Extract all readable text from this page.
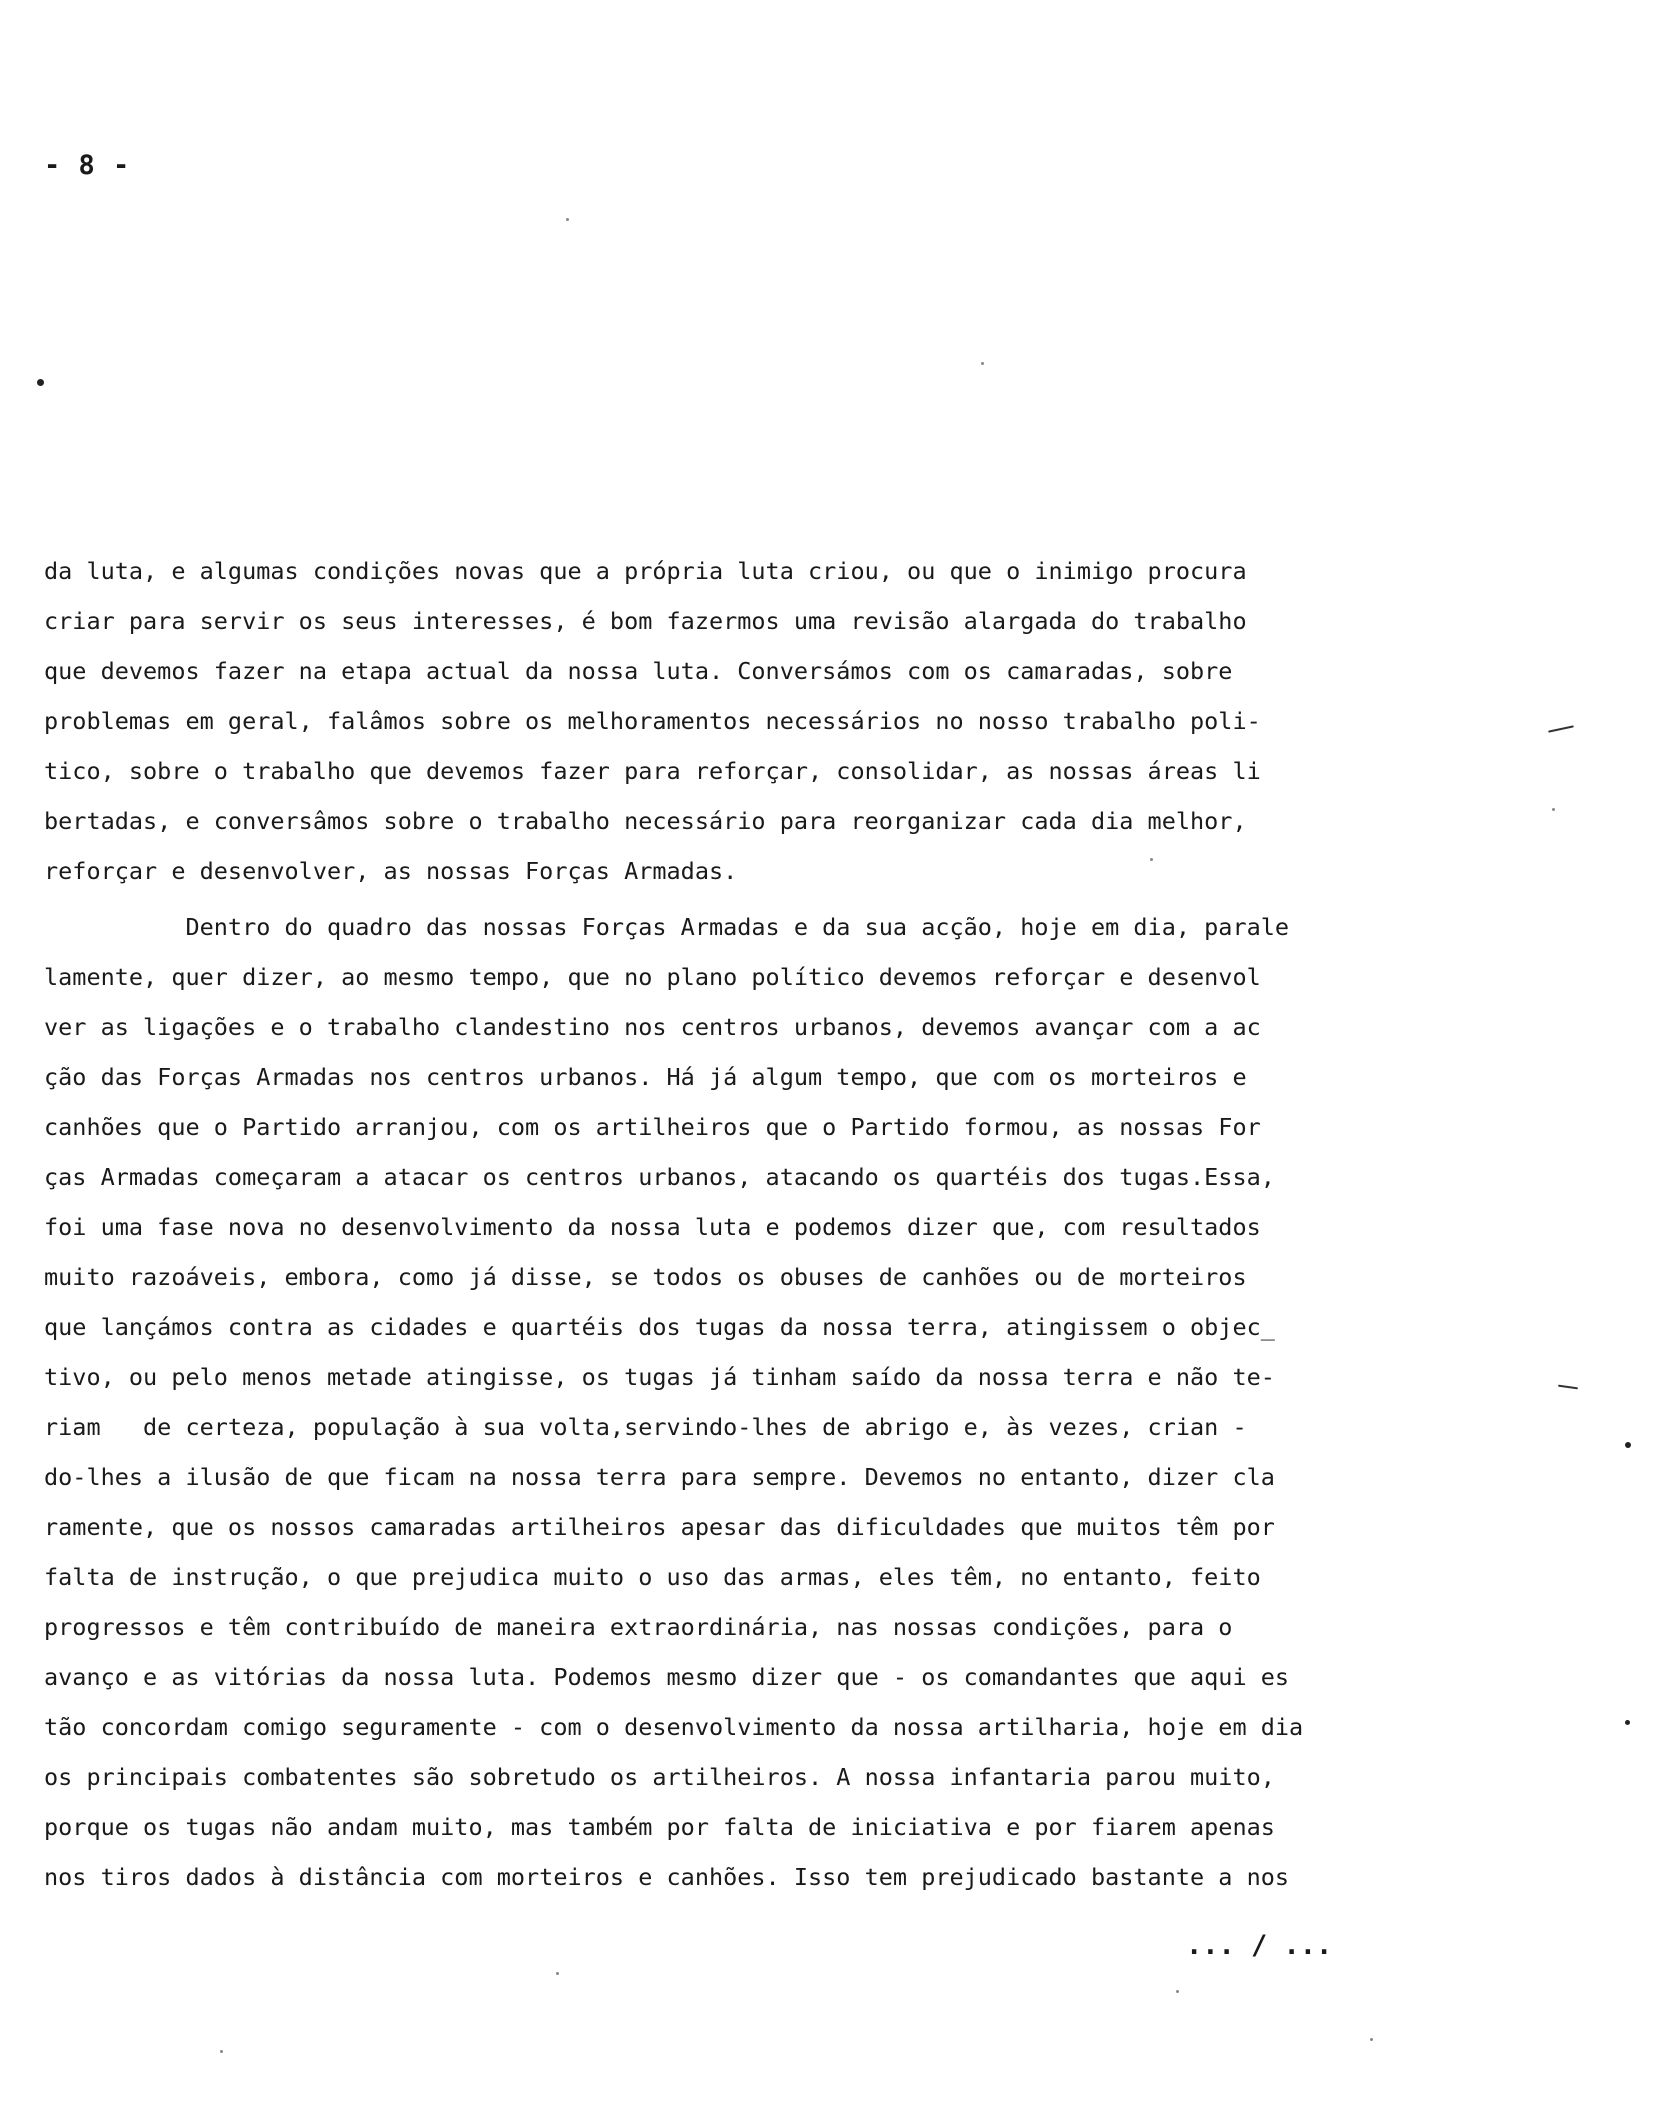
- 8 -

da luta, e algumas condições novas que a própria luta criou, ou que o inimigo procura
criar para servir os seus interesses, é bom fazermos uma revisão alargada do trabalho
que devemos fazer na etapa actual da nossa luta. Conversámos com os camaradas, sobre
problemas em geral, falâmos sobre os melhoramentos necessários no nosso trabalho poli-
tico, sobre o trabalho que devemos fazer para reforçar, consolidar, as nossas áreas li
bertadas, e conversâmos sobre o trabalho necessário para reorganizar cada dia melhor,
reforçar e desenvolver, as nossas Forças Armadas.

Dentro do quadro das nossas Forças Armadas e da sua acção, hoje em dia, parale
lamente, quer dizer, ao mesmo tempo, que no plano político devemos reforçar e desenvol
ver as ligações e o trabalho clandestino nos centros urbanos, devemos avançar com a ac
ção das Forças Armadas nos centros urbanos. Há já algum tempo, que com os morteiros e
canhões que o Partido arranjou, com os artilheiros que o Partido formou, as nossas For
ças Armadas começaram a atacar os centros urbanos, atacando os quartéis dos tugas.Essa,
foi uma fase nova no desenvolvimento da nossa luta e podemos dizer que, com resultados
muito razoáveis, embora, como já disse, se todos os obuses de canhões ou de morteiros
que lançámos contra as cidades e quartéis dos tugas da nossa terra, atingissem o objec_
tivo, ou pelo menos metade atingisse, os tugas já tinham saído da nossa terra e não te-
riam   de certeza, população à sua volta,servindo-lhes de abrigo e, às vezes, crian -
do-lhes a ilusão de que ficam na nossa terra para sempre. Devemos no entanto, dizer cla
ramente, que os nossos camaradas artilheiros apesar das dificuldades que muitos têm por
falta de instrução, o que prejudica muito o uso das armas, eles têm, no entanto, feito
progressos e têm contribuído de maneira extraordinária, nas nossas condições, para o
avanço e as vitórias da nossa luta. Podemos mesmo dizer que - os comandantes que aqui es
tão concordam comigo seguramente - com o desenvolvimento da nossa artilharia, hoje em dia
os principais combatentes são sobretudo os artilheiros. A nossa infantaria parou muito,
porque os tugas não andam muito, mas também por falta de iniciativa e por fiarem apenas
nos tiros dados à distância com morteiros e canhões. Isso tem prejudicado bastante a nos

... / ...
